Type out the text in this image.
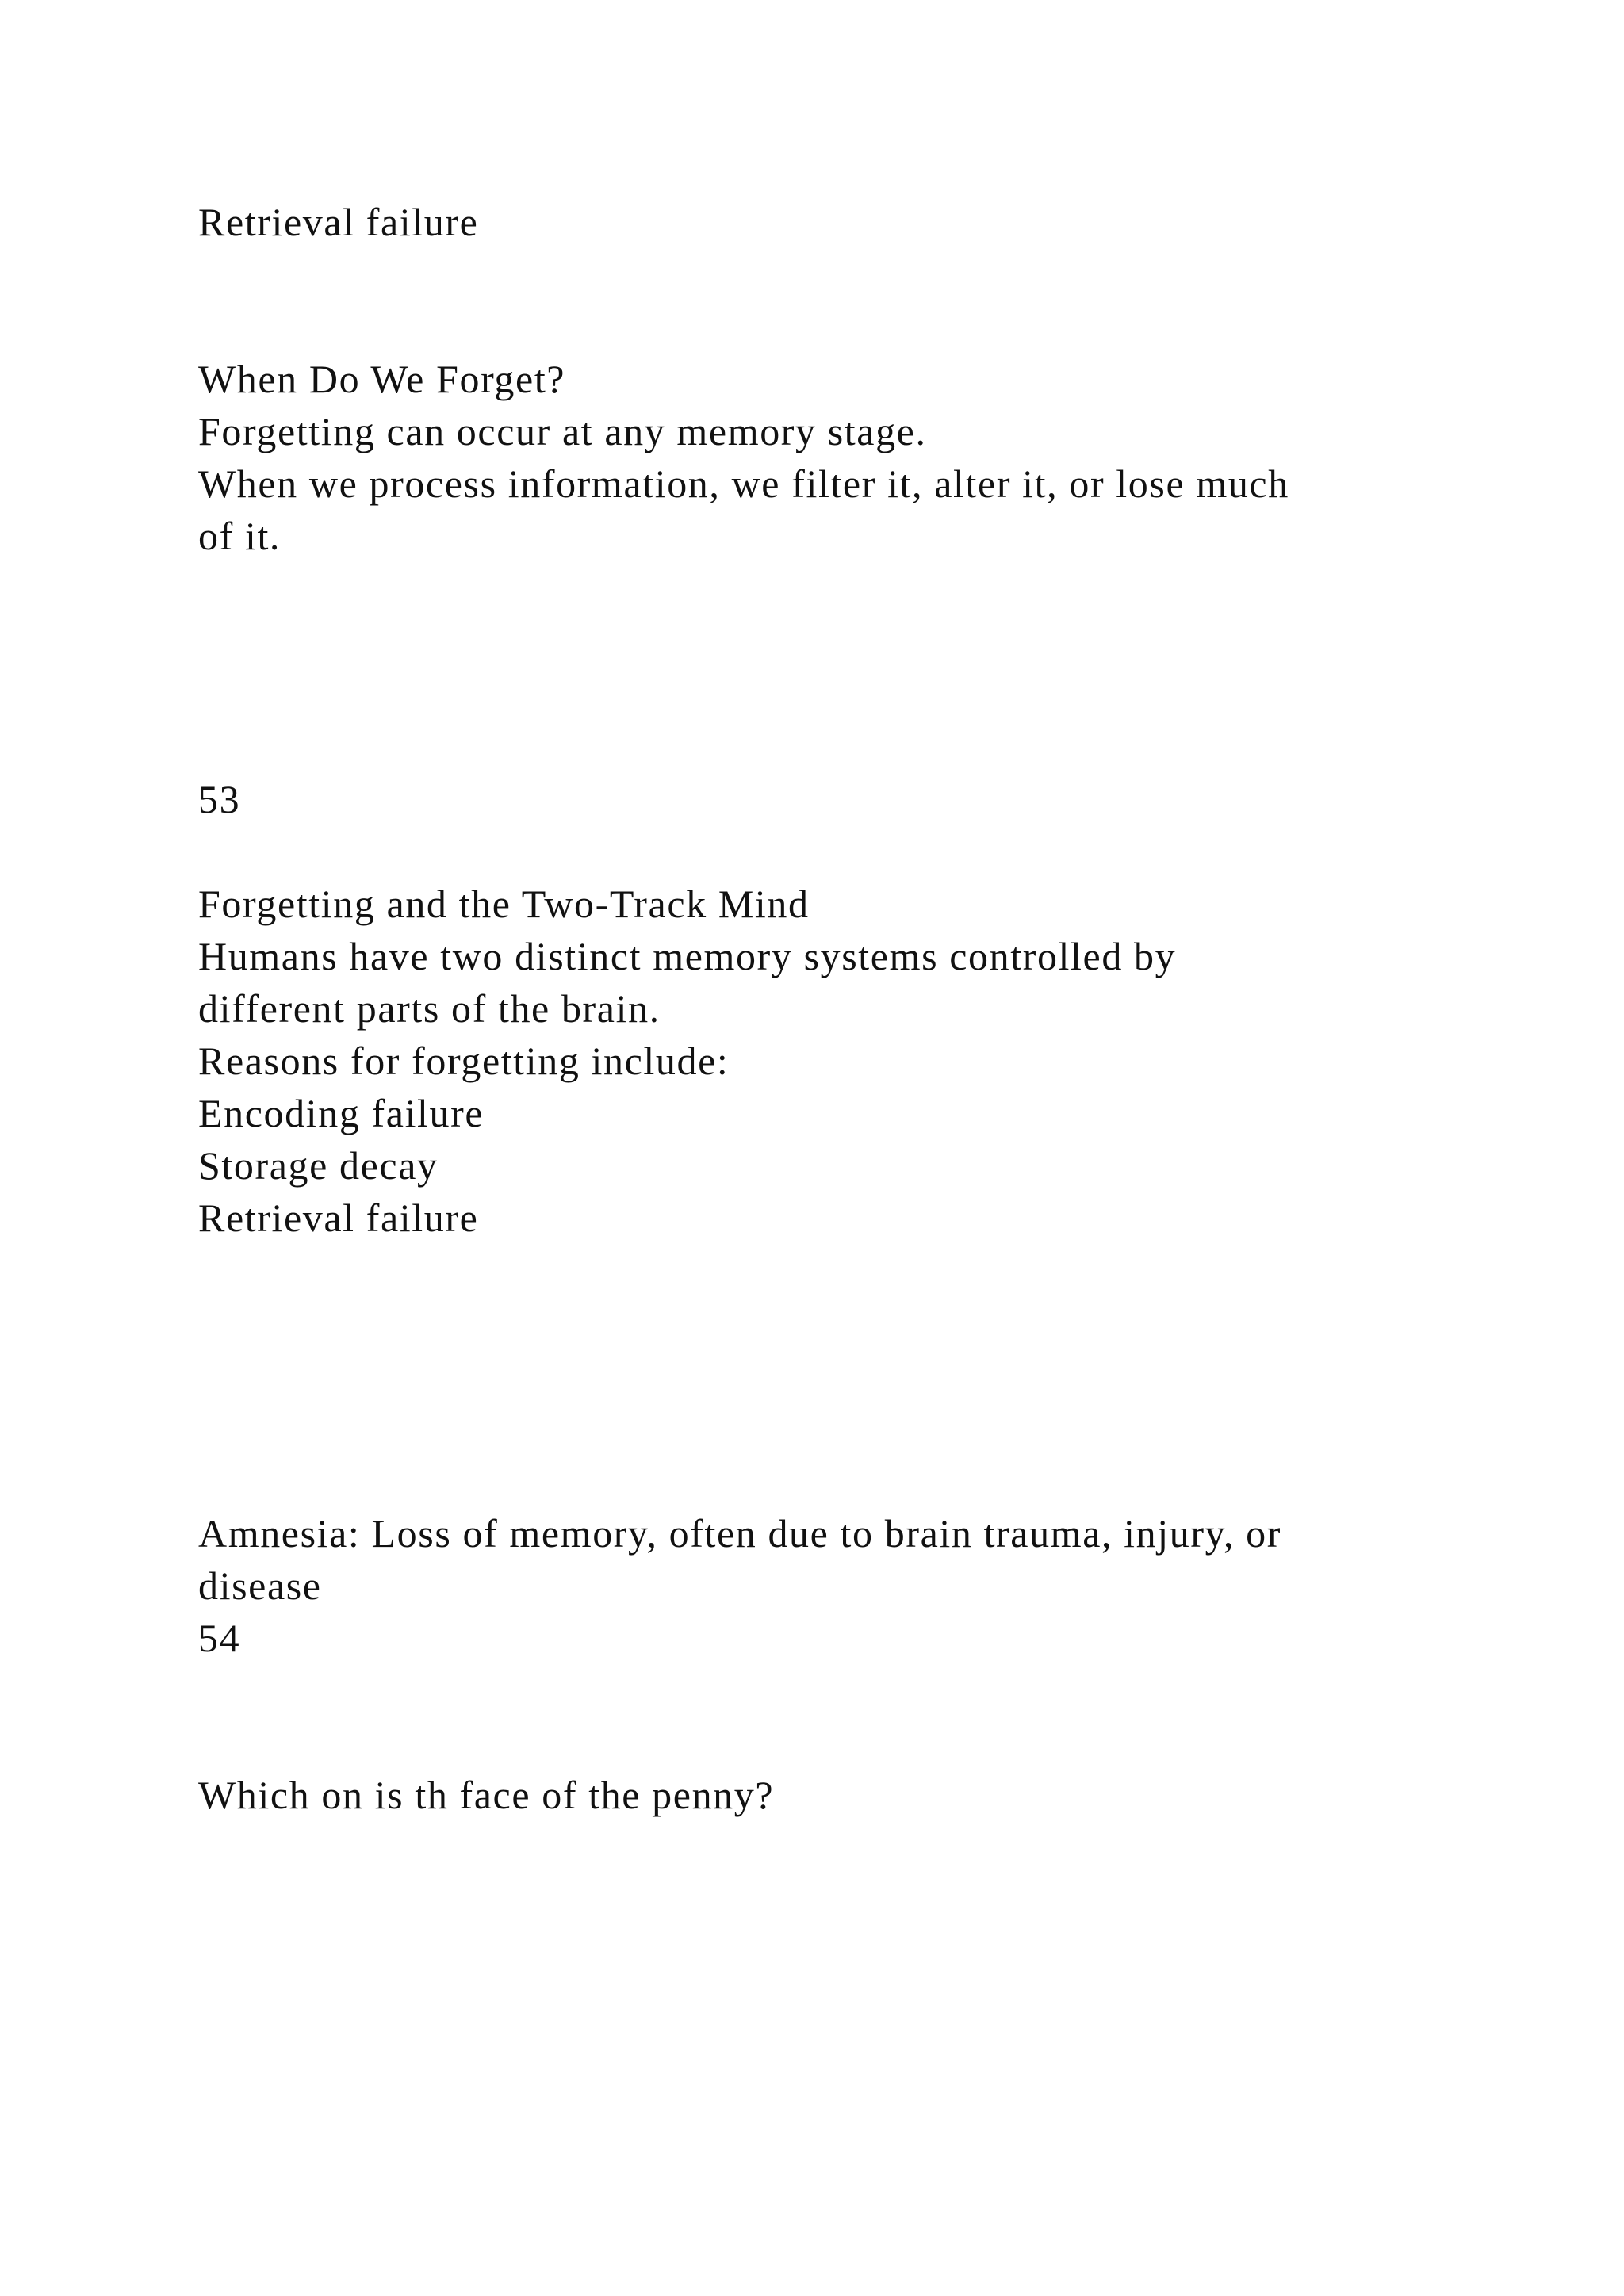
Retrieval failure
When Do We Forget?
Forgetting can occur at any memory stage.
When we process information, we filter it, alter it, or lose much
of it.
53
Forgetting and the Two-Track Mind
Humans have two distinct memory systems controlled by
different parts of the brain.
Reasons for forgetting include:
Encoding failure
Storage decay
Retrieval failure
Amnesia: Loss of memory, often due to brain trauma, injury, or
disease
54
Which on is th face of the penny?
